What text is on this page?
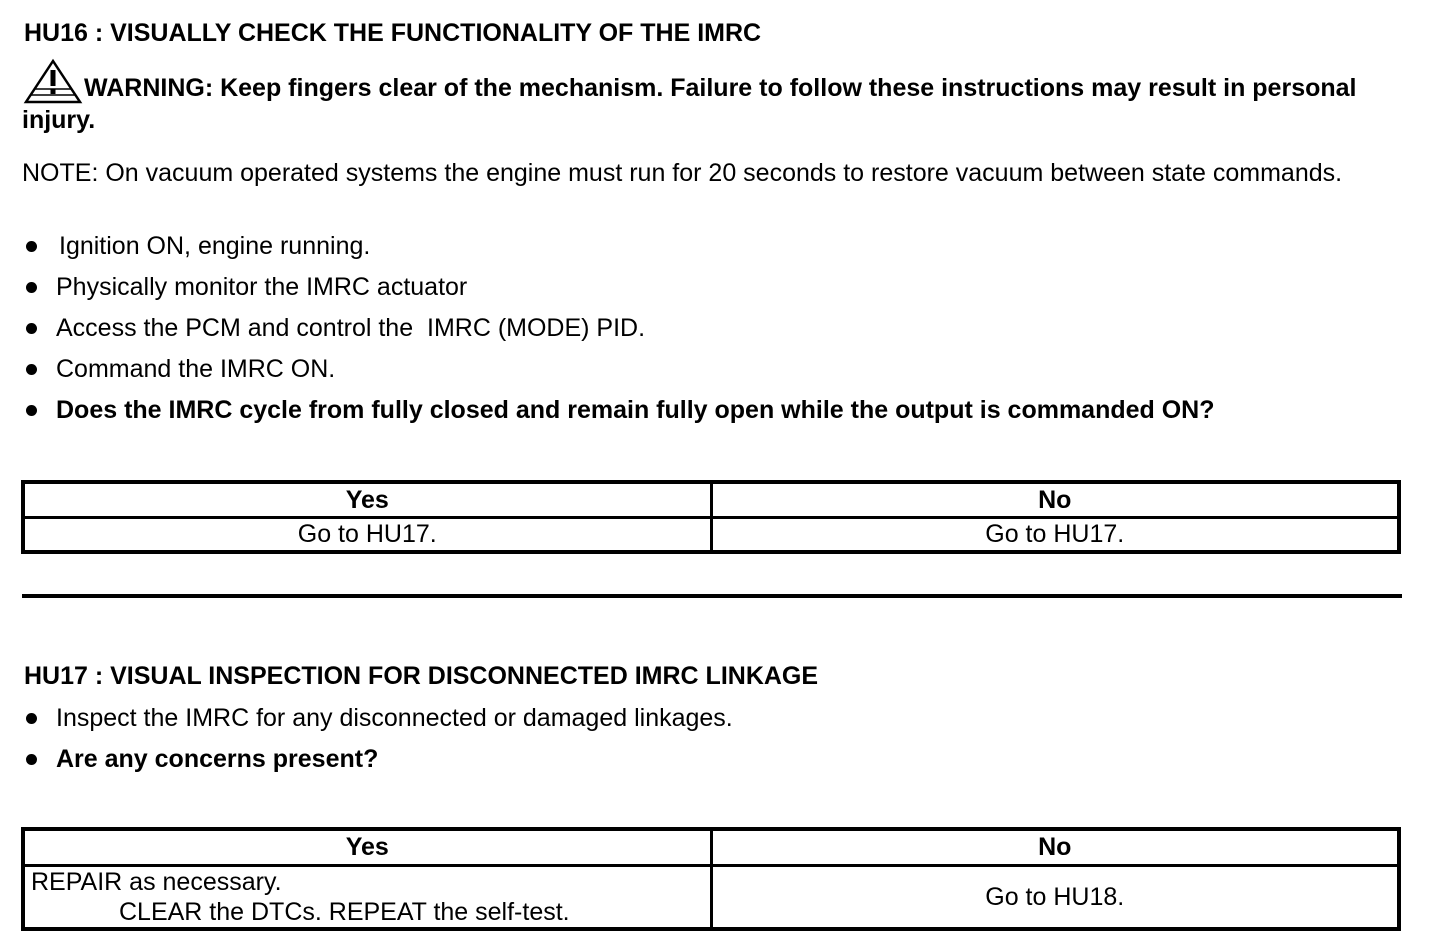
HU16 : VISUALLY CHECK THE FUNCTIONALITY OF THE IMRC
WARNING: Keep fingers clear of the mechanism. Failure to follow these instructions may result in personal injury.
NOTE: On vacuum operated systems the engine must run for 20 seconds to restore vacuum between state commands.
Ignition ON, engine running.
Physically monitor the IMRC actuator
Access the PCM and control the  IMRC (MODE) PID.
Command the IMRC ON.
Does the IMRC cycle from fully closed and remain fully open while the output is commanded ON?
Yes	No
Go to HU17.	Go to HU17.
HU17 : VISUAL INSPECTION FOR DISCONNECTED IMRC LINKAGE
Inspect the IMRC for any disconnected or damaged linkages.
Are any concerns present?
Yes	No

REPAIR as necessary.
CLEAR the DTCs. REPEAT the self-test.	Go to HU18.
